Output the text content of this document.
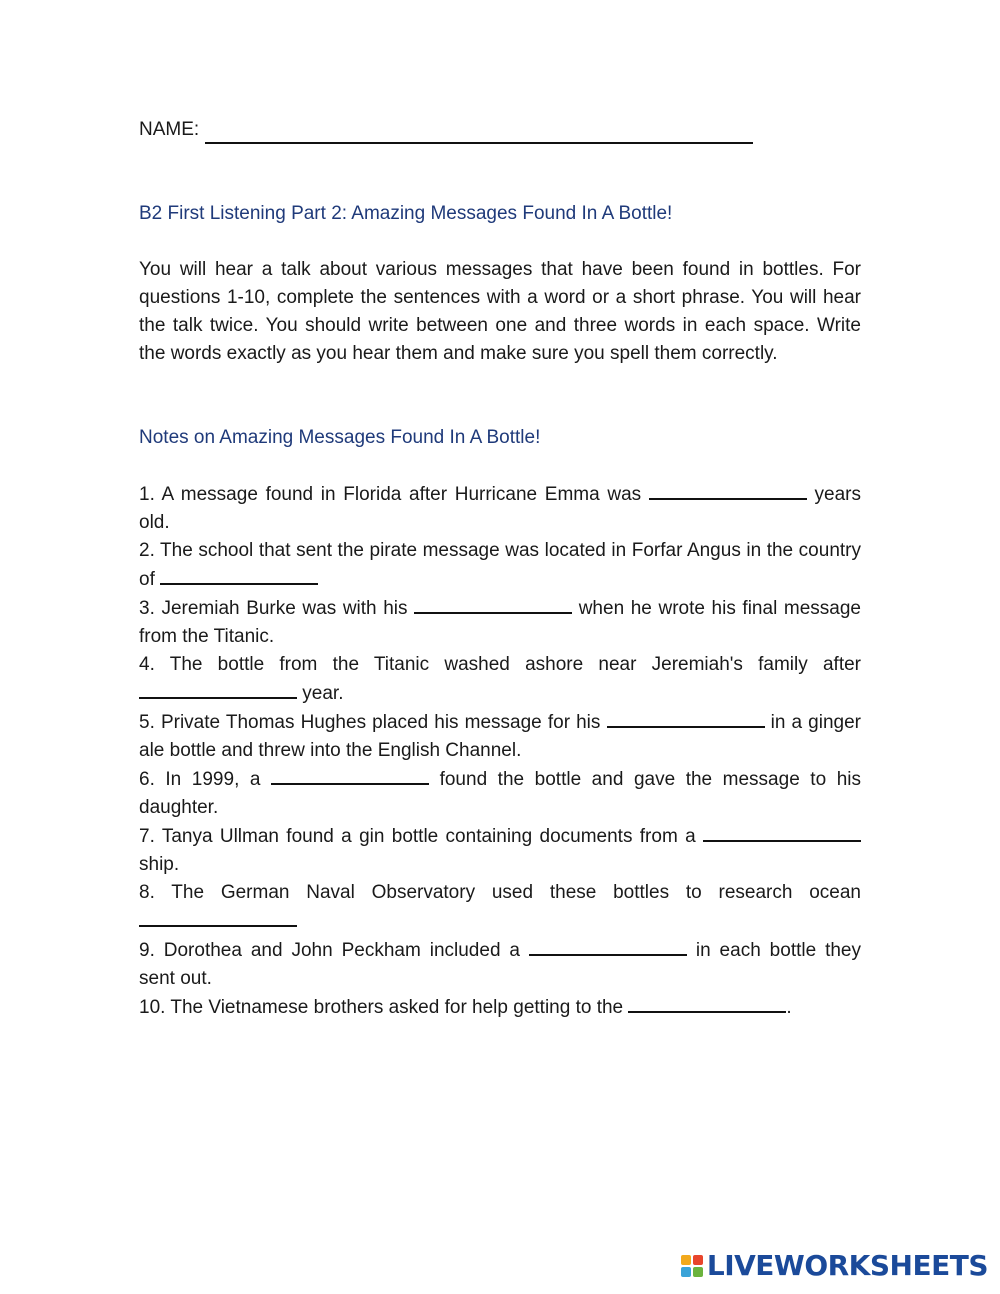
NAME:
B2 First Listening Part 2: Amazing Messages Found In A Bottle!

You will hear a talk about various messages that have been found in bottles. For questions 1-10, complete the sentences with a word or a short phrase. You will hear the talk twice. You should write between one and three words in each space. Write the words exactly as you hear them and make sure you spell them correctly.

Notes on Amazing Messages Found In A Bottle!

1. A message found in Florida after Hurricane Emma was	years old.

2. The school that sent the pirate message was located in Forfar Angus in the country of

3. Jeremiah Burke was with his	when he wrote his final message from the Titanic.

4. The bottle from the Titanic washed ashore near Jeremiah's family after  year.

5. Private Thomas Hughes placed his message for his	in a ginger ale bottle and threw into the English Channel.

6. In 1999, a	found the bottle and gave the message to his daughter.

7. Tanya Ullman found a gin bottle containing documents from a  ship.

8. The German Naval Observatory used these bottles to research ocean

9. Dorothea and John Peckham included a	in each bottle they sent out.

10. The Vietnamese brothers asked for help getting to the	.

LIVEWORKSHEETS
